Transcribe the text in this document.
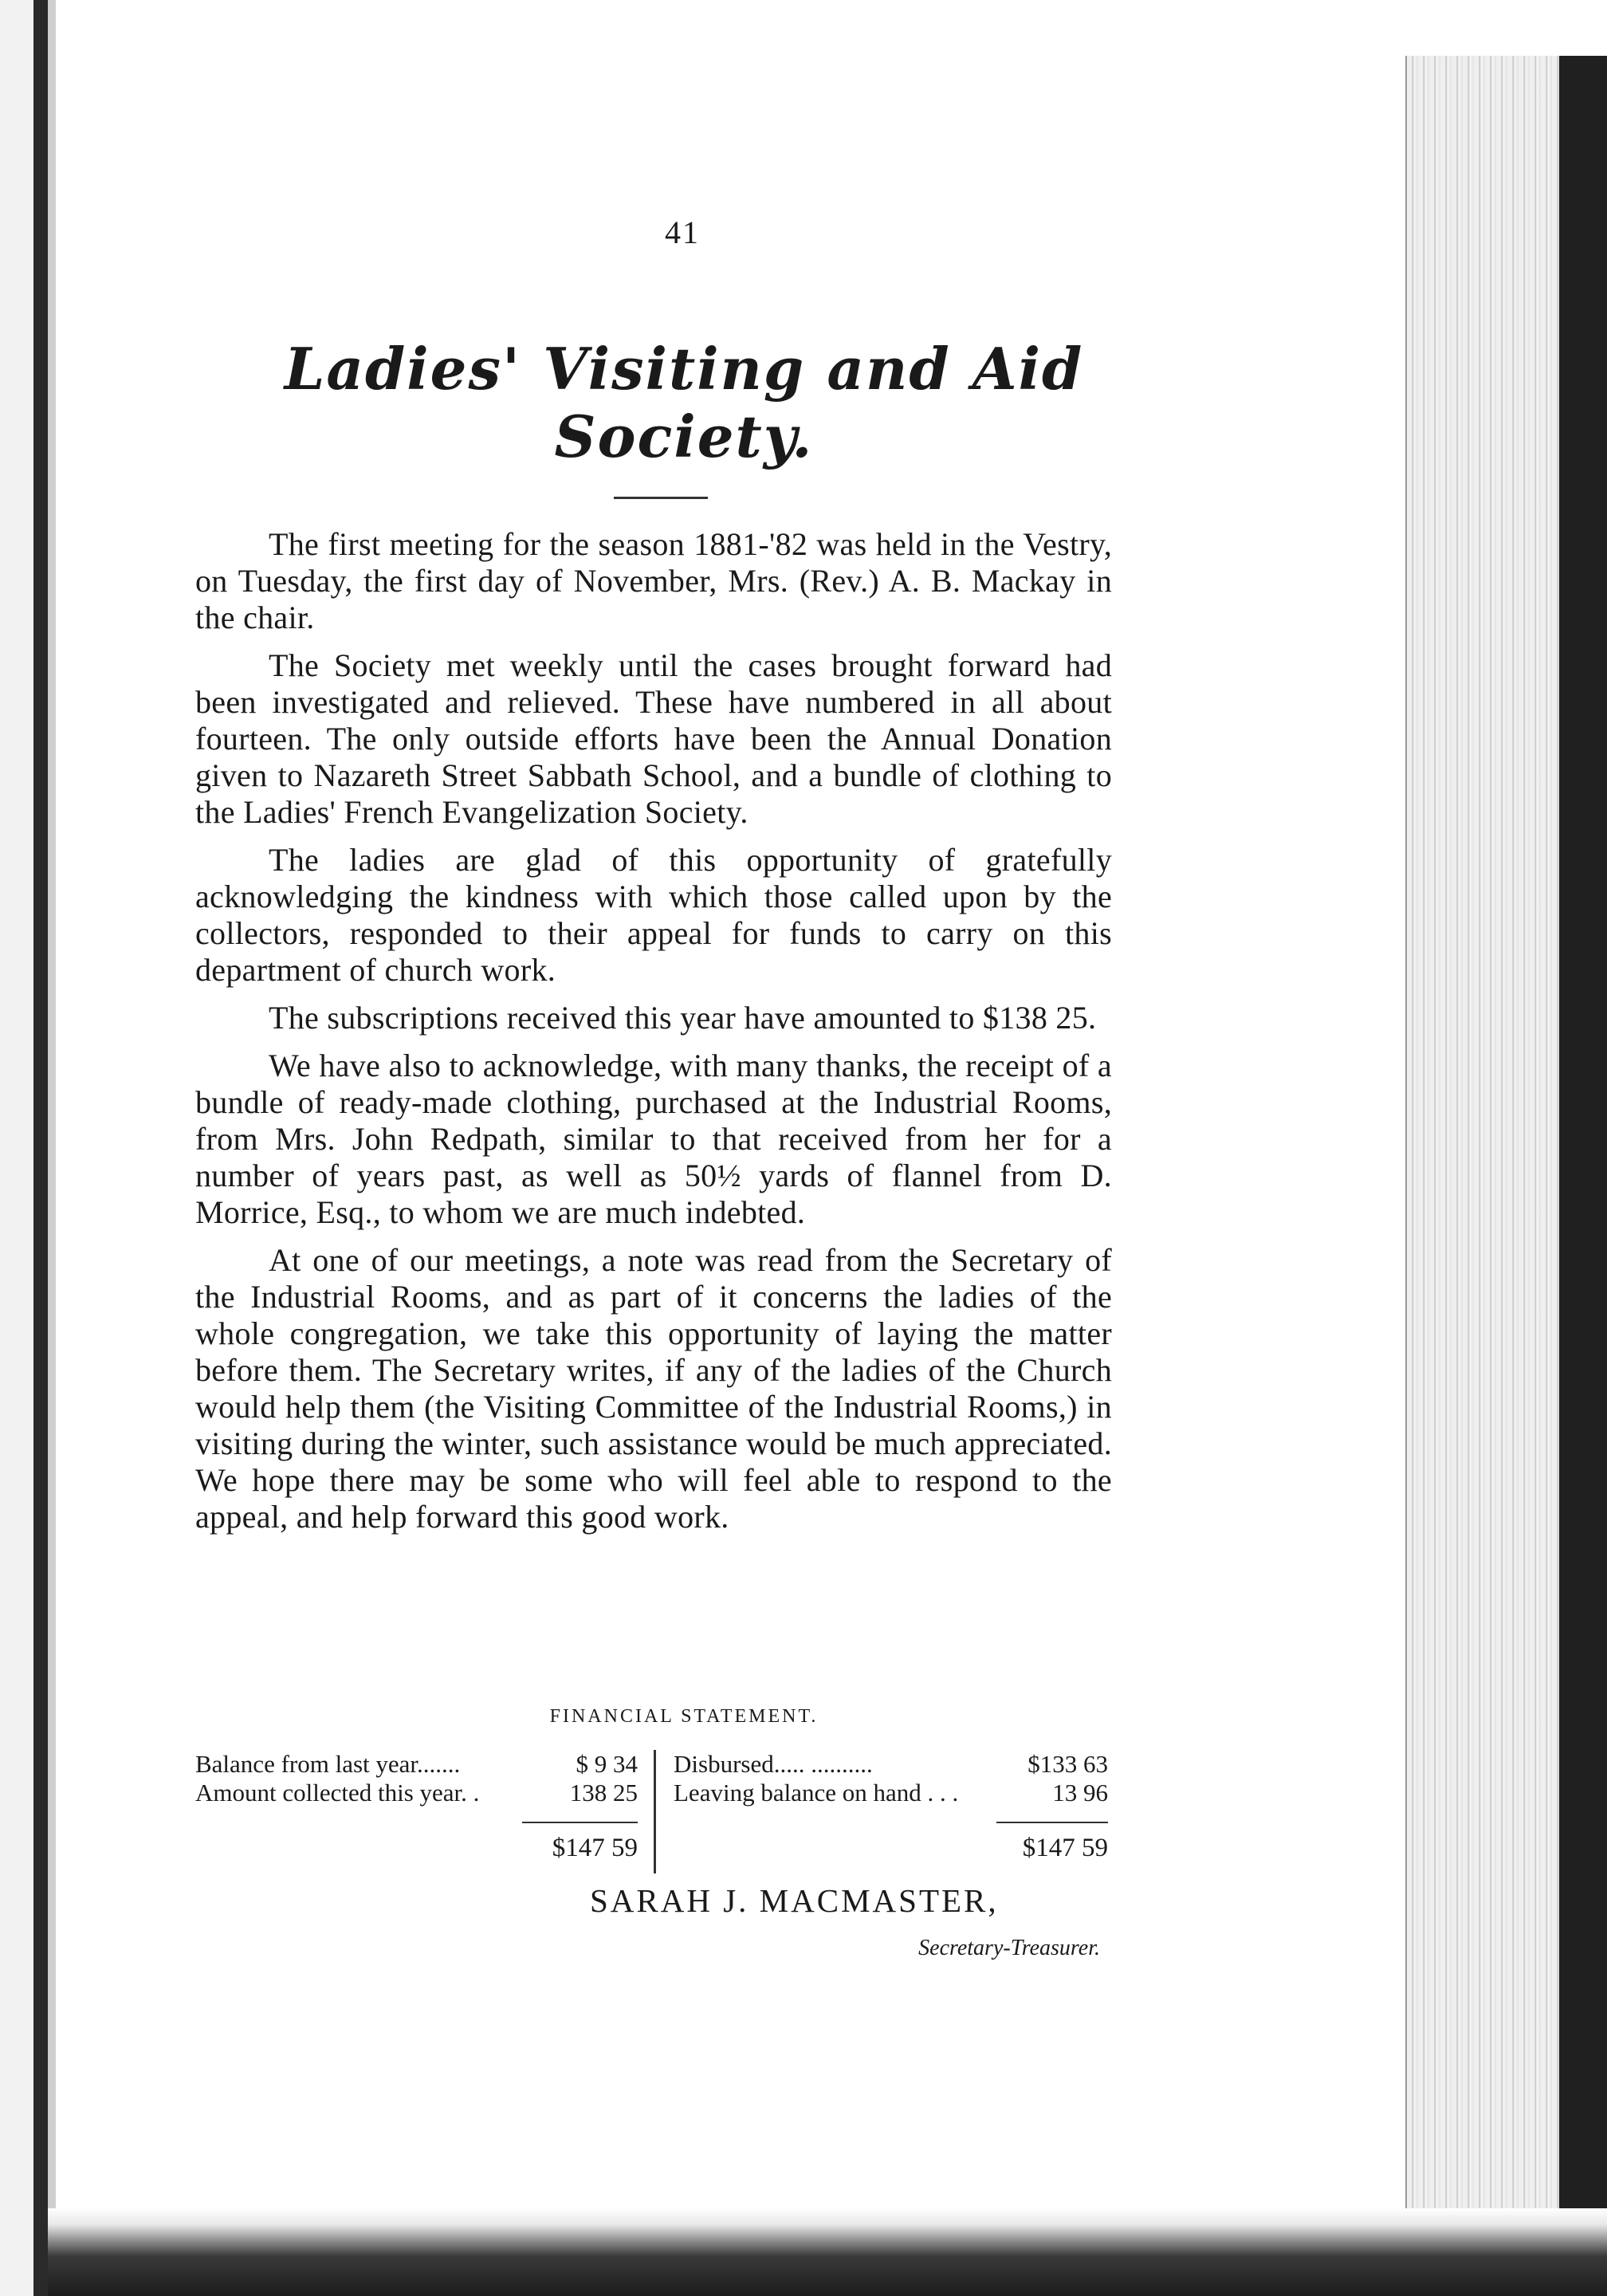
41
Ladies' Visiting and Aid Society.

The first meeting for the season 1881-'82 was held in the Vestry, on Tuesday, the first day of November, Mrs. (Rev.) A. B. Mackay in the chair.

The Society met weekly until the cases brought forward had been investigated and relieved. These have numbered in all about fourteen. The only outside efforts have been the Annual Donation given to Nazareth Street Sabbath School, and a bundle of clothing to the Ladies' French Evangelization Society.

The ladies are glad of this opportunity of gratefully acknowledging the kindness with which those called upon by the collectors, responded to their appeal for funds to carry on this department of church work.

The subscriptions received this year have amounted to $138 25.

We have also to acknowledge, with many thanks, the receipt of a bundle of ready-made clothing, purchased at the Industrial Rooms, from Mrs. John Redpath, similar to that received from her for a number of years past, as well as 50½ yards of flannel from D. Morrice, Esq., to whom we are much indebted.

At one of our meetings, a note was read from the Secretary of the Industrial Rooms, and as part of it concerns the ladies of the whole congregation, we take this opportunity of laying the matter before them. The Secretary writes, if any of the ladies of the Church would help them (the Visiting Committee of the Industrial Rooms,) in visiting during the winter, such assistance would be much appreciated. We hope there may be some who will feel able to respond to the appeal, and help forward this good work.

FINANCIAL STATEMENT.
Balance from last year.......	$ 9 34
Amount collected this year. .	138 25
Disbursed..... ..........	$133 63
Leaving balance on hand . . .	13 96
$147 59	$147 59
SARAH J. MACMASTER,
Secretary-Treasurer.
